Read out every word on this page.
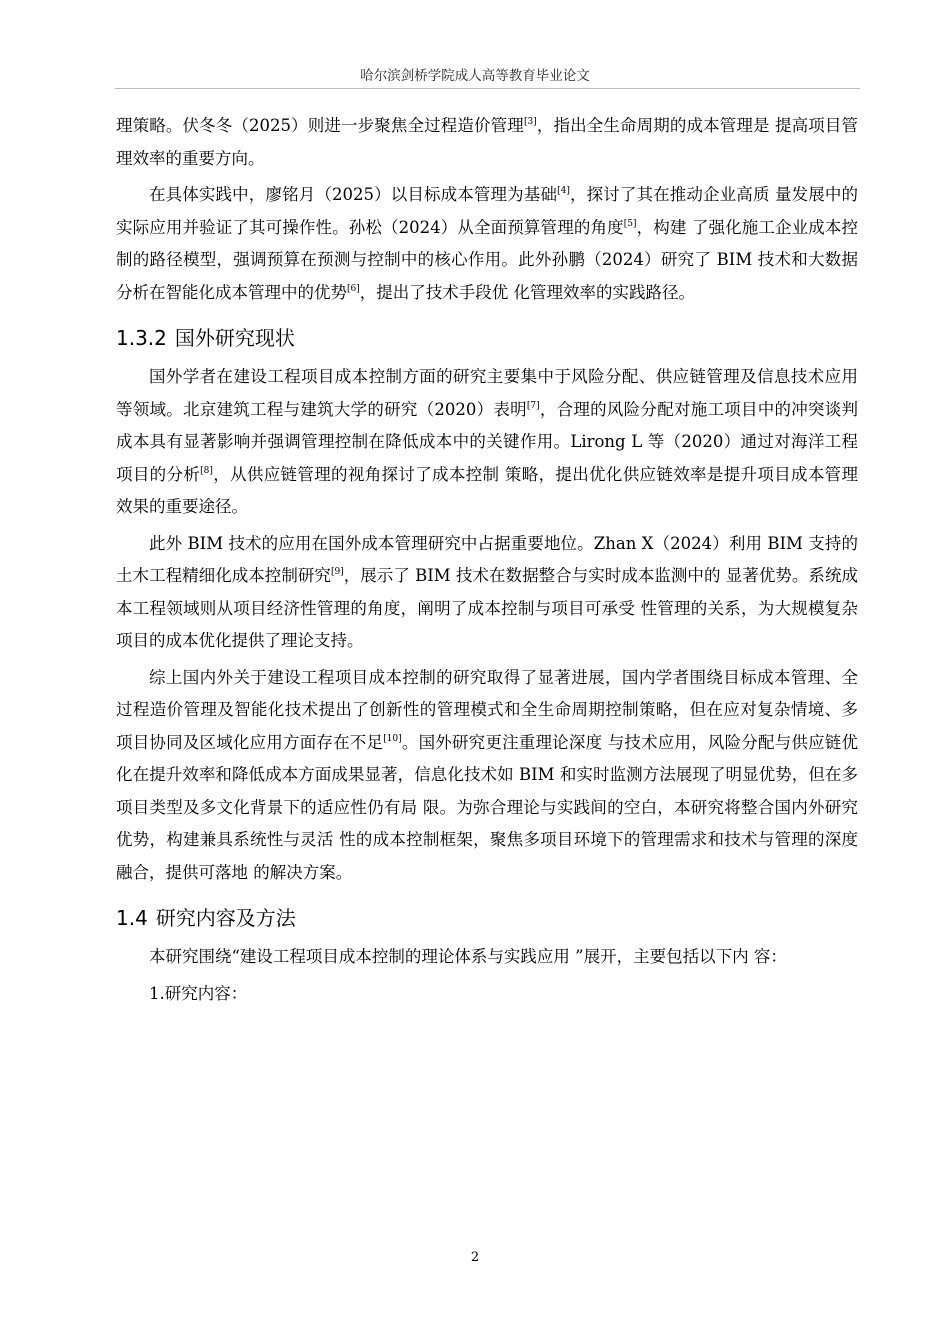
哈尔滨剑桥学院成人高等教育毕业论文

理策略。伏冬冬（2025）则进一步聚焦全过程造价管理[3]，指出全生命周期的成本管理是 提高项目管理效率的重要方向。

在具体实践中，廖铭月（2025）以目标成本管理为基础[4]，探讨了其在推动企业高质 量发展中的实际应用并验证了其可操作性。孙松（2024）从全面预算管理的角度[5]，构建 了强化施工企业成本控制的路径模型，强调预算在预测与控制中的核心作用。此外孙鹏（2024）研究了 BIM 技术和大数据分析在智能化成本管理中的优势[6]，提出了技术手段优 化管理效率的实践路径。

1.3.2 国外研究现状

国外学者在建设工程项目成本控制方面的研究主要集中于风险分配、供应链管理及信息技术应用等领域。北京建筑工程与建筑大学的研究（2020）表明[7]，合理的风险分配对施工项目中的冲突谈判成本具有显著影响并强调管理控制在降低成本中的关键作用。Lirong L 等（2020）通过对海洋工程项目的分析[8]，从供应链管理的视角探讨了成本控制 策略，提出优化供应链效率是提升项目成本管理效果的重要途径。

此外 BIM 技术的应用在国外成本管理研究中占据重要地位。Zhan X（2024）利用 BIM 支持的土木工程精细化成本控制研究[9]，展示了 BIM 技术在数据整合与实时成本监测中的 显著优势。系统成本工程领域则从项目经济性管理的角度，阐明了成本控制与项目可承受 性管理的关系，为大规模复杂项目的成本优化提供了理论支持。

综上国内外关于建设工程项目成本控制的研究取得了显著进展，国内学者围绕目标成本管理、全过程造价管理及智能化技术提出了创新性的管理模式和全生命周期控制策略，但在应对复杂情境、多项目协同及区域化应用方面存在不足[10]。国外研究更注重理论深度 与技术应用，风险分配与供应链优化在提升效率和降低成本方面成果显著，信息化技术如 BIM 和实时监测方法展现了明显优势，但在多项目类型及多文化背景下的适应性仍有局 限。为弥合理论与实践间的空白，本研究将整合国内外研究优势，构建兼具系统性与灵活 性的成本控制框架，聚焦多项目环境下的管理需求和技术与管理的深度融合，提供可落地 的解决方案。

1.4 研究内容及方法

本研究围绕“建设工程项目成本控制的理论体系与实践应用 ”展开，主要包括以下内 容：

1.研究内容：

2
